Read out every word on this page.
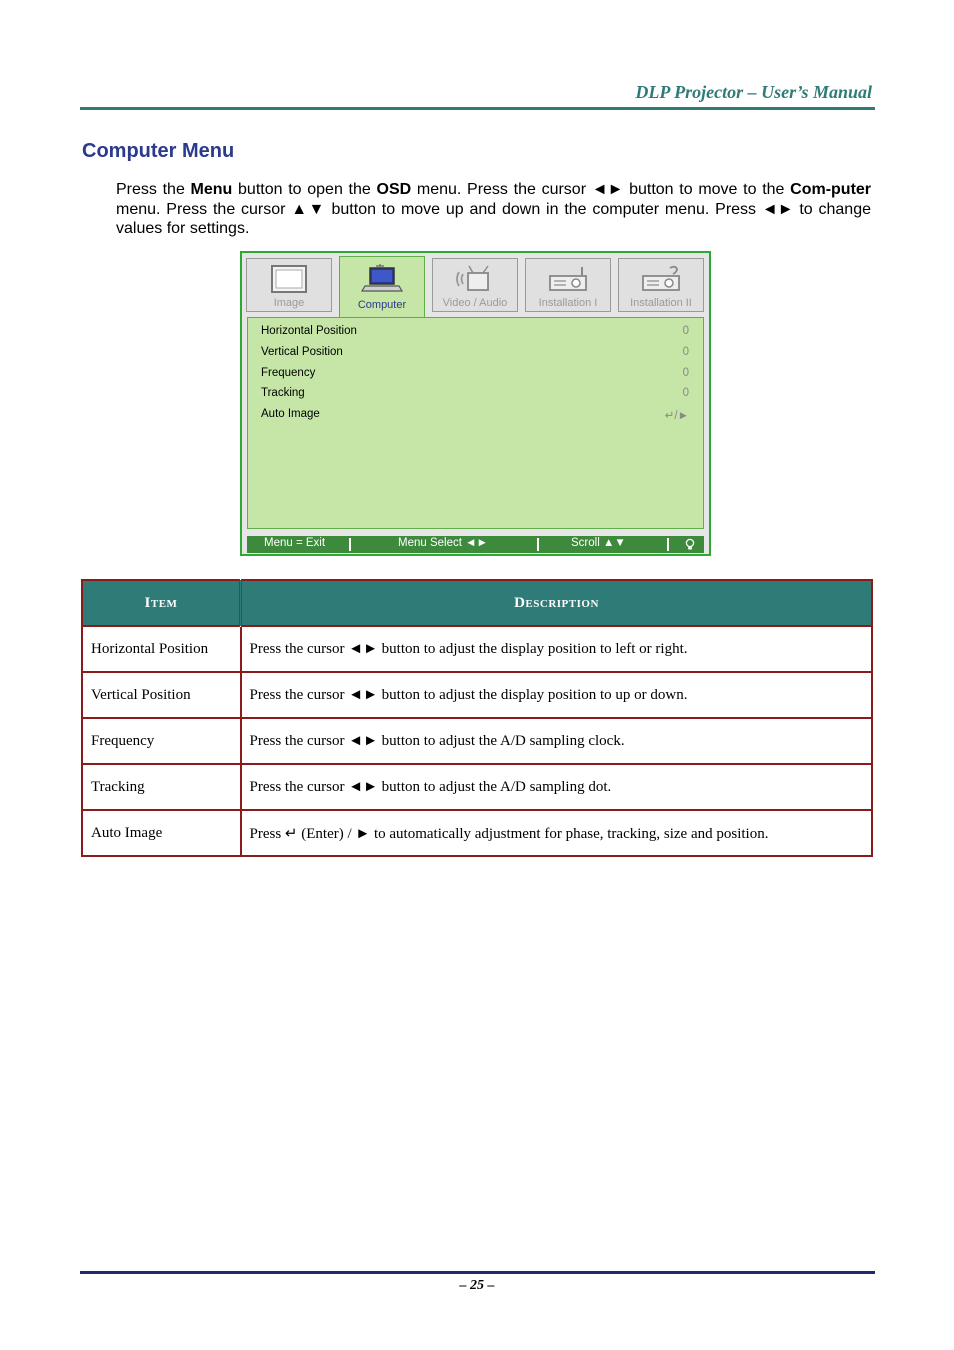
DLP Projector – User’s Manual
Computer Menu

Press the Menu button to open the OSD menu. Press the cursor ◄► button to move to the Com-puter menu. Press the cursor ▲▼ button to move up and down in the computer menu. Press ◄► to change values for settings.

Image	Computer	Video / Audio	Installation I	Installation II
Horizontal Position	0
Vertical Position	0
Frequency	0
Tracking	0
Auto Image	↵/►
Menu = Exit	Menu Select ◄►	Scroll ▲▼
Item	Description
Horizontal Position	Press the cursor ◄► button to adjust the display position to left or right.
Vertical Position	Press the cursor ◄► button to adjust the display position to up or down.
Frequency	Press the cursor ◄► button to adjust the A/D sampling clock.
Tracking	Press the cursor ◄► button to adjust the A/D sampling dot.
Auto Image	Press ↵ (Enter) / ► to automatically adjustment for phase, tracking, size and position.
– 25 –
